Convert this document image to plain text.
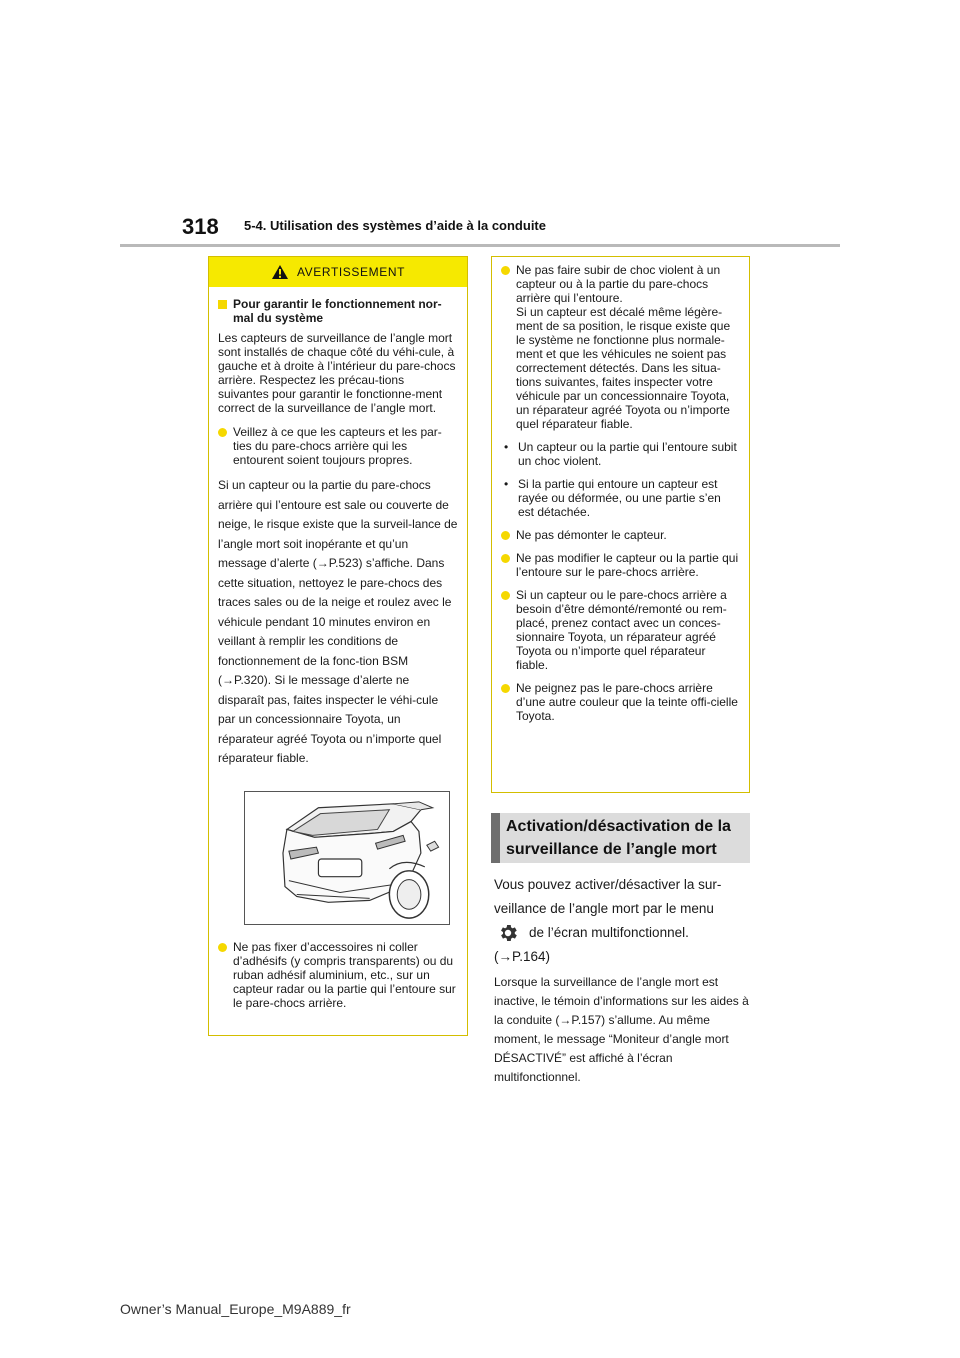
318 5-4. Utilisation des systèmes d’aide à la conduite
AVERTISSEMENT
Pour garantir le fonctionnement nor-mal du système
Les capteurs de surveillance de l’angle mort sont installés de chaque côté du véhi-cule, à gauche et à droite à l’intérieur du pare-chocs arrière. Respectez les précau-tions suivantes pour garantir le fonctionne-ment correct de la surveillance de l’angle mort.
Veillez à ce que les capteurs et les par-ties du pare-chocs arrière qui les entourent soient toujours propres.
Si un capteur ou la partie du pare-chocs arrière qui l’entoure est sale ou couverte de neige, le risque existe que la surveil-lance de l’angle mort soit inopérante et qu’un message d’alerte (→P.523) s’affiche. Dans cette situation, nettoyez le pare-chocs des traces sales ou de la neige et roulez avec le véhicule pendant 10 minutes environ en veillant à remplir les conditions de fonctionnement de la fonc-tion BSM (→P.320). Si le message d’alerte ne disparaît pas, faites inspecter le véhi-cule par un concessionnaire Toyota, un réparateur agréé Toyota ou n’importe quel réparateur fiable.
Ne pas fixer d’accessoires ni coller d’adhésifs (y compris transparents) ou du ruban adhésif aluminium, etc., sur un capteur radar ou la partie qui l’entoure sur le pare-chocs arrière.
Ne pas faire subir de choc violent à un capteur ou à la partie du pare-chocs arrière qui l’entoure.
Si un capteur est décalé même légère-ment de sa position, le risque existe que le système ne fonctionne plus normale-ment et que les véhicules ne soient pas correctement détectés. Dans les situa-tions suivantes, faites inspecter votre véhicule par un concessionnaire Toyota, un réparateur agréé Toyota ou n’importe quel réparateur fiable.
• Un capteur ou la partie qui l’entoure subit un choc violent.
• Si la partie qui entoure un capteur est rayée ou déformée, ou une partie s’en est détachée.
Ne pas démonter le capteur.
Ne pas modifier le capteur ou la partie qui l’entoure sur le pare-chocs arrière.
Si un capteur ou le pare-chocs arrière a besoin d’être démonté/remonté ou rem-placé, prenez contact avec un conces-sionnaire Toyota, un réparateur agréé Toyota ou n’importe quel réparateur fiable.
Ne peignez pas le pare-chocs arrière d’une autre couleur que la teinte offi-cielle Toyota.
Activation/désactivation de la surveillance de l’angle mort
Vous pouvez activer/désactiver la sur-veillance de l’angle mort par le menu
de l’écran multifonctionnel.
(→P.164)
Lorsque la surveillance de l’angle mort est inactive, le témoin d’informations sur les aides à la conduite (→P.157) s’allume. Au même moment, le message “Moniteur d’angle mort DÉSACTIVÉ” est affiché à l’écran multifonctionnel.
Owner’s Manual_Europe_M9A889_fr
